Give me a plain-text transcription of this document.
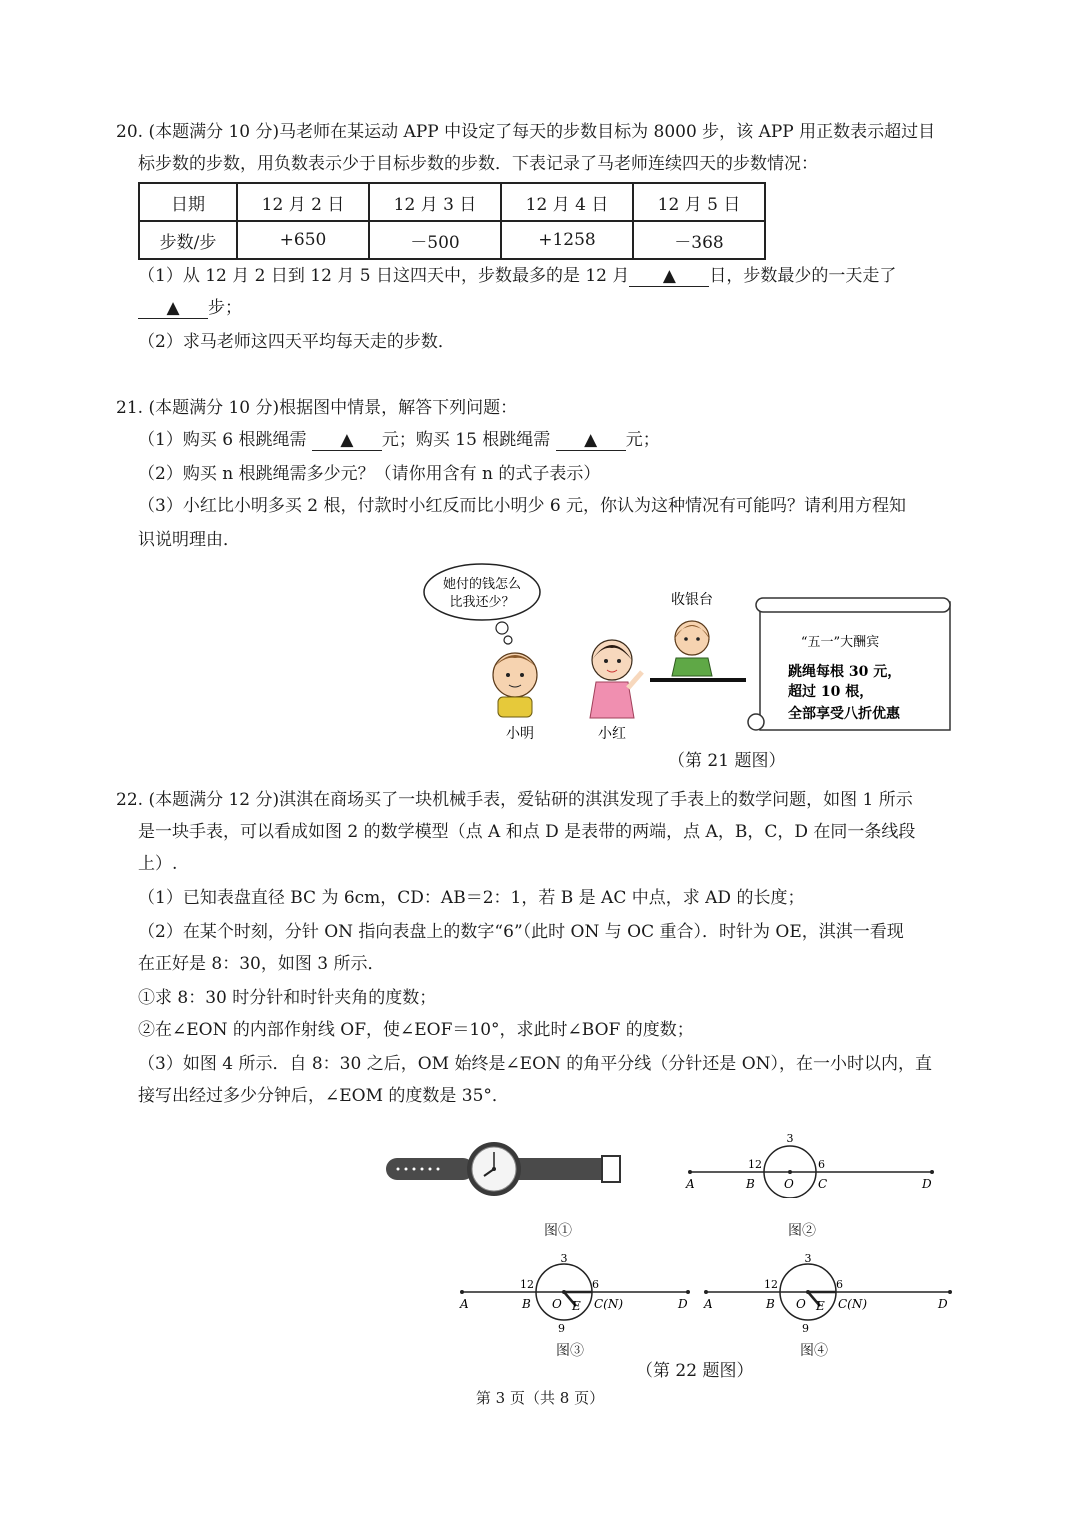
20. (本题满分 10 分)马老师在某运动 APP 中设定了每天的步数目标为 8000 步，该 APP 用正数表示超过目
标步数的步数，用负数表示少于目标步数的步数．下表记录了马老师连续四天的步数情况：
日期	12 月 2 日	12 月 3 日	12 月 4 日	12 月 5 日
步数/步	+650	－500	+1258	－368
（1）从 12 月 2 日到 12 月 5 日这四天中，步数最多的是 12 月 ▲ 日，步数最少的一天走了
▲ 步；
（2）求马老师这四天平均每天走的步数．
21. (本题满分 10 分)根据图中情景，解答下列问题：
（1）购买 6 根跳绳需 ▲ 元；购买 15 根跳绳需 ▲ 元；
（2）购买 n 根跳绳需多少元？（请你用含有 n 的式子表示）
（3）小红比小明多买 2 根，付款时小红反而比小明少 6 元，你认为这种情况有可能吗？请利用方程知
识说明理由．
她付的钱怎么
比我还少？	收银台
“五一”大酬宾
跳绳每根 30 元，
超过 10 根，
全部享受八折优惠
小明	小红
（第 21 题图）
22. (本题满分 12 分)淇淇在商场买了一块机械手表，爱钻研的淇淇发现了手表上的数学问题，如图 1 所示
是一块手表，可以看成如图 2 的数学模型（点 A 和点 D 是表带的两端，点 A，B，C，D 在同一条线段
上）.
（1）已知表盘直径 BC 为 6cm，CD：AB＝2：1，若 B 是 AC 中点，求 AD 的长度；
（2）在某个时刻，分针 ON 指向表盘上的数字“6”（此时 ON 与 OC 重合）．时针为 OE，淇淇一看现
在正好是 8：30，如图 3 所示．
①求 8：30 时分针和时针夹角的度数；
②在∠EON 的内部作射线 OF，使∠EOF＝10°，求此时∠BOF 的度数；
（3）如图 4 所示．自 8：30 之后，OM 始终是∠EON 的角平分线（分针还是 ON），在一小时以内，直
接写出经过多少分钟后，∠EOM 的度数是 35°．
图①
3
12	6
A	B O C	D
图②
3
12	6
9
A	B O E C(N)	D
图③
3
12	6
9
A	B O E C(N)	D
图④
（第 22 题图）
第 3 页（共 8 页）
